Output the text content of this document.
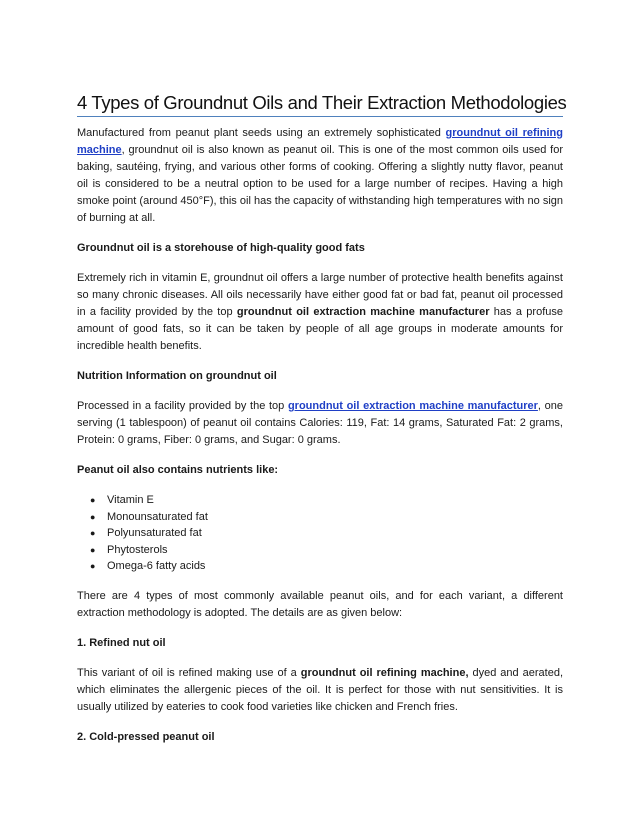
4 Types of Groundnut Oils and Their Extraction Methodologies

Manufactured from peanut plant seeds using an extremely sophisticated groundnut oil refining machine, groundnut oil is also known as peanut oil. This is one of the most common oils used for baking, sautéing, frying, and various other forms of cooking. Offering a slightly nutty flavor, peanut oil is considered to be a neutral option to be used for a large number of recipes. Having a high smoke point (around 450°F), this oil has the capacity of withstanding high temperatures with no sign of burning at all.

Groundnut oil is a storehouse of high-quality good fats

Extremely rich in vitamin E, groundnut oil offers a large number of protective health benefits against so many chronic diseases. All oils necessarily have either good fat or bad fat, peanut oil processed in a facility provided by the top groundnut oil extraction machine manufacturer has a profuse amount of good fats, so it can be taken by people of all age groups in moderate amounts for incredible health benefits.

Nutrition Information on groundnut oil

Processed in a facility provided by the top groundnut oil extraction machine manufacturer, one serving (1 tablespoon) of peanut oil contains Calories: 119, Fat: 14 grams, Saturated Fat: 2 grams, Protein: 0 grams, Fiber: 0 grams, and Sugar: 0 grams.

Peanut oil also contains nutrients like:

● Vitamin E
● Monounsaturated fat
● Polyunsaturated fat
● Phytosterols
● Omega-6 fatty acids

There are 4 types of most commonly available peanut oils, and for each variant, a different extraction methodology is adopted. The details are as given below:

1. Refined nut oil

This variant of oil is refined making use of a groundnut oil refining machine, dyed and aerated, which eliminates the allergenic pieces of the oil. It is perfect for those with nut sensitivities. It is usually utilized by eateries to cook food varieties like chicken and French fries.

2. Cold-pressed peanut oil
